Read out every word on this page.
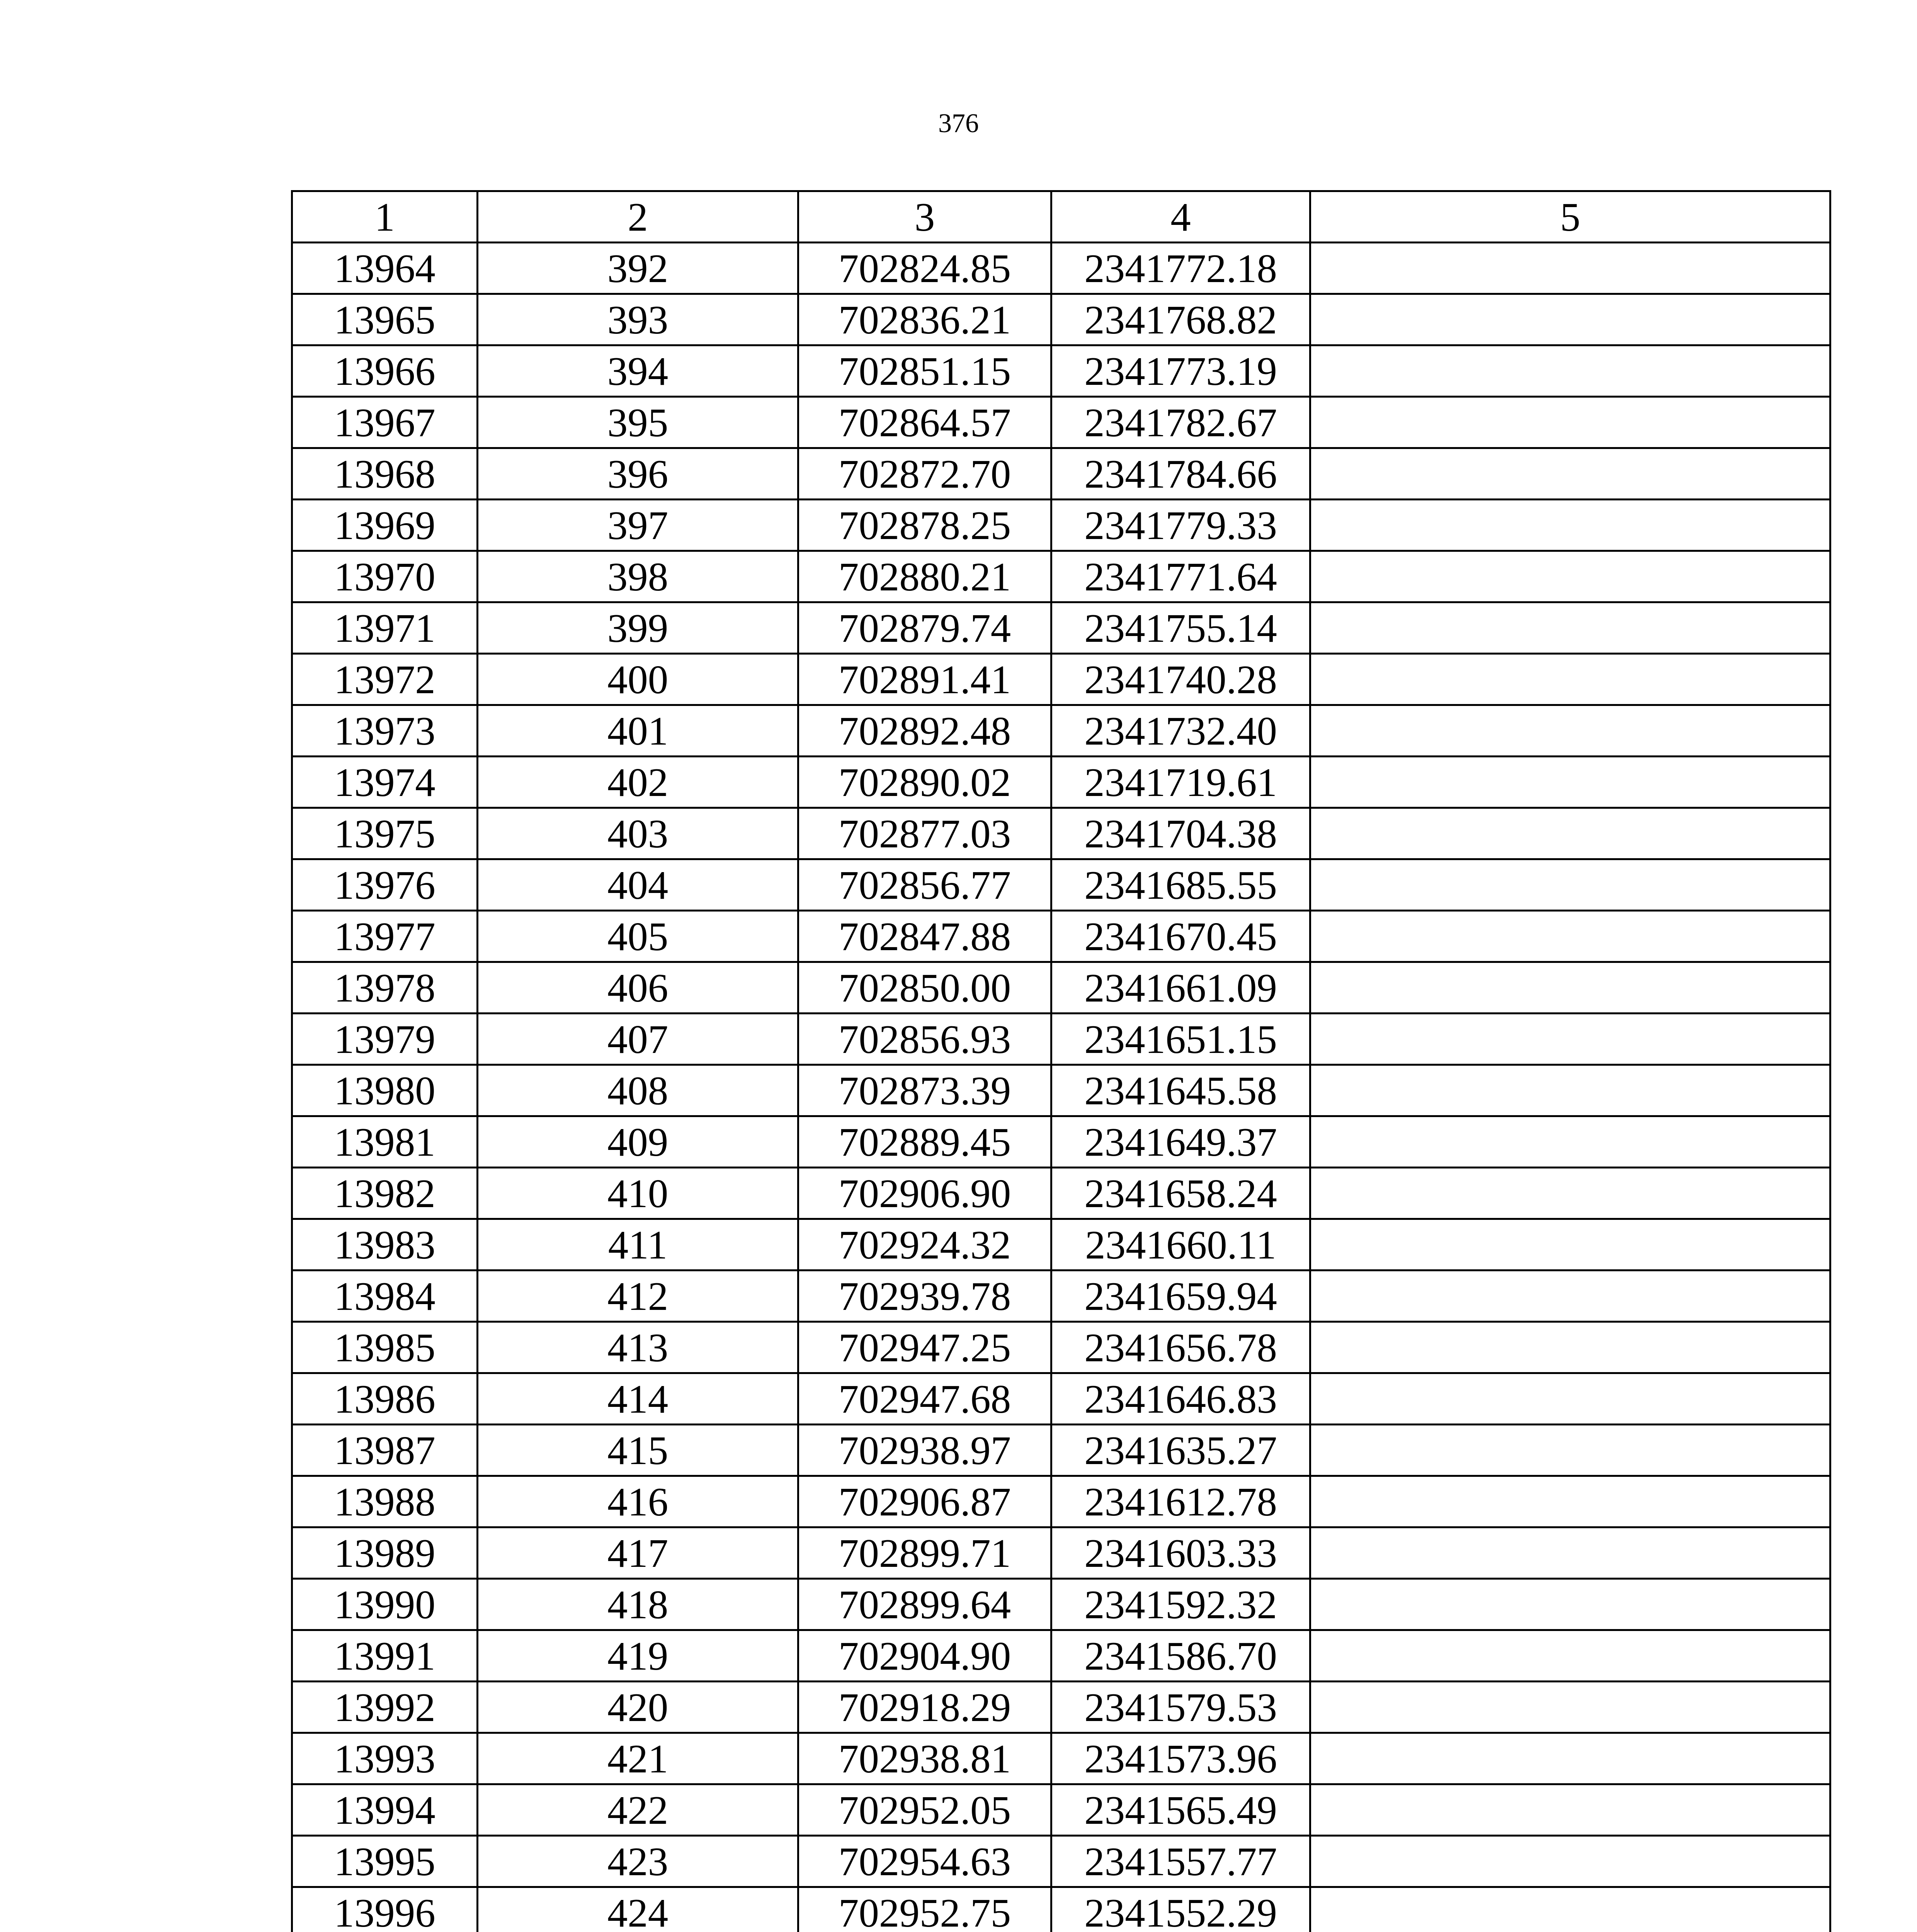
376
1	2	3	4	5
13964	392	702824.85	2341772.18	
13965	393	702836.21	2341768.82	
13966	394	702851.15	2341773.19	
13967	395	702864.57	2341782.67	
13968	396	702872.70	2341784.66	
13969	397	702878.25	2341779.33	
13970	398	702880.21	2341771.64	
13971	399	702879.74	2341755.14	
13972	400	702891.41	2341740.28	
13973	401	702892.48	2341732.40	
13974	402	702890.02	2341719.61	
13975	403	702877.03	2341704.38	
13976	404	702856.77	2341685.55	
13977	405	702847.88	2341670.45	
13978	406	702850.00	2341661.09	
13979	407	702856.93	2341651.15	
13980	408	702873.39	2341645.58	
13981	409	702889.45	2341649.37	
13982	410	702906.90	2341658.24	
13983	411	702924.32	2341660.11	
13984	412	702939.78	2341659.94	
13985	413	702947.25	2341656.78	
13986	414	702947.68	2341646.83	
13987	415	702938.97	2341635.27	
13988	416	702906.87	2341612.78	
13989	417	702899.71	2341603.33	
13990	418	702899.64	2341592.32	
13991	419	702904.90	2341586.70	
13992	420	702918.29	2341579.53	
13993	421	702938.81	2341573.96	
13994	422	702952.05	2341565.49	
13995	423	702954.63	2341557.77	
13996	424	702952.75	2341552.29	
